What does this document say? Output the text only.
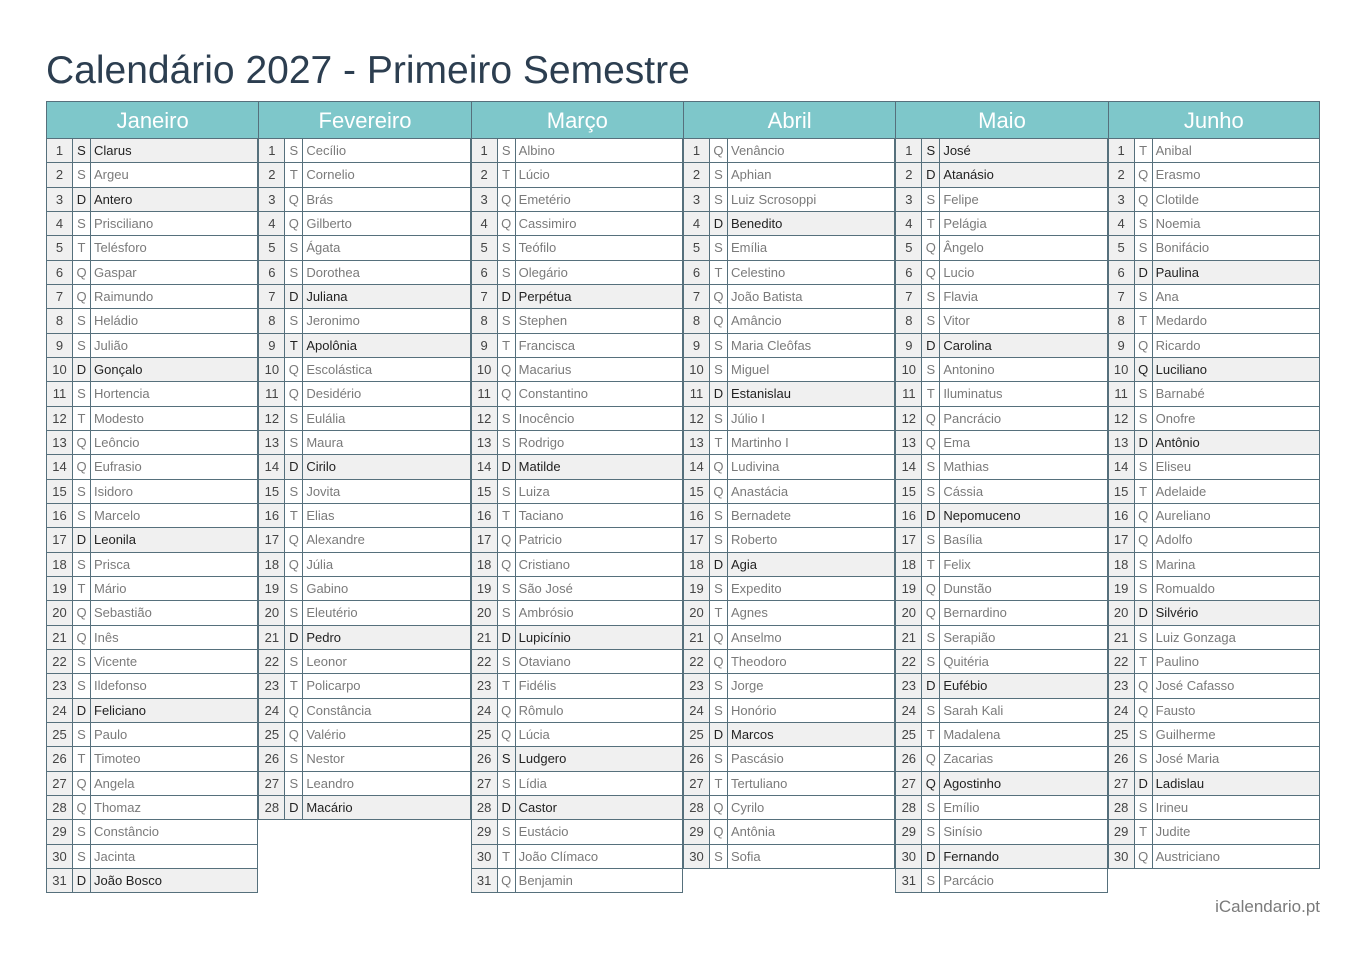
Calendário 2027 - Primeiro Semestre
Janeiro
1	S Clarus
2	S Argeu
3	D Antero
4	S Prisciliano
5	T Telésforo
6	Q Gaspar
7	Q Raimundo
8	S Heládio
9	S Julião
10 D Gonçalo
11 S Hortencia
12 T Modesto
13 Q Leôncio
14 Q Eufrasio
15 S Isidoro
16 S Marcelo
17 D Leonila
18 S Prisca
19 T Mário
20 Q Sebastião
21 Q Inês
22 S Vicente
23 S Ildefonso
24 D Feliciano
25 S Paulo
26 T Timoteo
27 Q Angela
28 Q Thomaz
29 S Constâncio
30 S Jacinta
31 D João Bosco
Fevereiro
1	S Cecílio
2	T Cornelio
3	Q Brás
4	Q Gilberto
5	S Ágata
6	S Dorothea
7	D Juliana
8	S Jeronimo
9	T Apolônia
10 Q Escolástica
11 Q Desidério
12 S Eulália
13 S Maura
14 D Cirilo
15 S Jovita
16 T Elias
17 Q Alexandre
18 Q Júlia
19 S Gabino
20 S Eleutério
21 D Pedro
22 S Leonor
23 T Policarpo
24 Q Constância
25 Q Valério
26 S Nestor
27 S Leandro
28 D Macário
Março
1	S Albino
2	T Lúcio
3	Q Emetério
4	Q Cassimiro
5	S Teófilo
6	S Olegário
7	D Perpétua
8	S Stephen
9	T Francisca
10 Q Macarius
11 Q Constantino
12 S Inocêncio
13 S Rodrigo
14 D Matilde
15 S Luiza
16 T Taciano
17 Q Patricio
18 Q Cristiano
19 S São José
20 S Ambrósio
21 D Lupicínio
22 S Otaviano
23 T Fidélis
24 Q Rômulo
25 Q Lúcia
26 S Ludgero
27 S Lídia
28 D Castor
29 S Eustácio
30 T João Clímaco
31 Q Benjamin
Abril
1	Q Venâncio
2	S Aphian
3	S Luiz Scrosoppi
4	D Benedito
5	S Emília
6	T Celestino
7	Q João Batista
8	Q Amâncio
9	S Maria Cleôfas
10 S Miguel
11 D Estanislau
12 S Júlio I
13 T Martinho I
14 Q Ludivina
15 Q Anastácia
16 S Bernadete
17 S Roberto
18 D Agia
19 S Expedito
20 T Agnes
21 Q Anselmo
22 Q Theodoro
23 S Jorge
24 S Honório
25 D Marcos
26 S Pascásio
27 T Tertuliano
28 Q Cyrilo
29 Q Antônia
30 S Sofia
Maio
1	S José
2	D Atanásio
3	S Felipe
4	T Pelágia
5	Q Ângelo
6	Q Lucio
7	S Flavia
8	S Vitor
9	D Carolina
10 S Antonino
11 T Iluminatus
12 Q Pancrácio
13 Q Ema
14 S Mathias
15 S Cássia
16 D Nepomuceno
17 S Basília
18 T Felix
19 Q Dunstão
20 Q Bernardino
21 S Serapião
22 S Quitéria
23 D Eufébio
24 S Sarah Kali
25 T Madalena
26 Q Zacarias
27 Q Agostinho
28 S Emílio
29 S Sinísio
30 D Fernando
31 S Parcácio
Junho
1	T Anibal
2	Q Erasmo
3	Q Clotilde
4	S Noemia
5	S Bonifácio
6	D Paulina
7	S Ana
8	T Medardo
9	Q Ricardo
10 Q Luciliano
11 S Barnabé
12 S Onofre
13 D Antônio
14 S Eliseu
15 T Adelaide
16 Q Aureliano
17 Q Adolfo
18 S Marina
19 S Romualdo
20 D Silvério
21 S Luiz Gonzaga
22 T Paulino
23 Q José Cafasso
24 Q Fausto
25 S Guilherme
26 S José Maria
27 D Ladislau
28 S Irineu
29 T Judite
30 Q Austriciano
iCalendario.pt
